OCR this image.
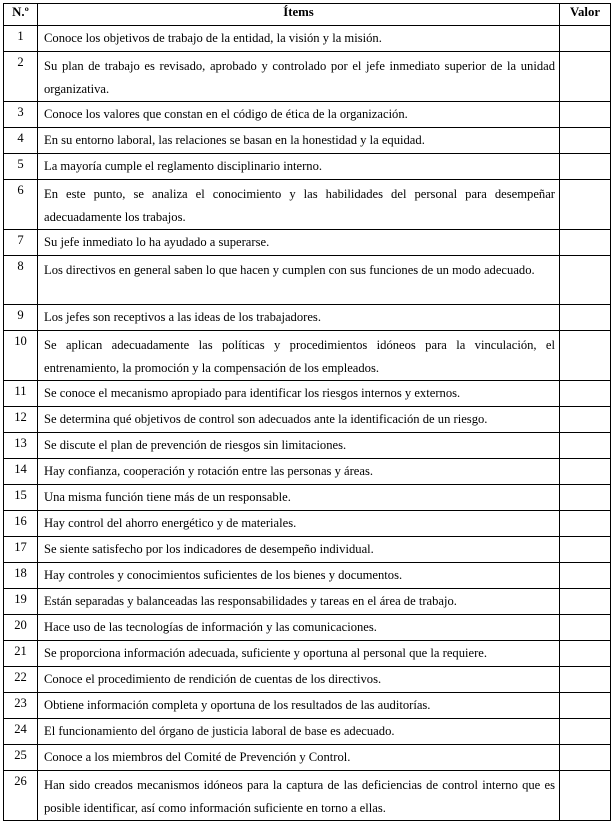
N.º	Ítems	Valor
1	Conoce los objetivos de trabajo de la entidad, la visión y la misión.	

2	Su plan de trabajo es revisado, aprobado y controlado por el jefe inmediato superior de la unidad organizativa.	

3	Conoce los valores que constan en el código de ética de la organización.	

4	En su entorno laboral, las relaciones se basan en la honestidad y la equidad.	

5	La mayoría cumple el reglamento disciplinario interno.	

6	En este punto, se analiza el conocimiento y las habilidades del personal para desempeñar adecuadamente los trabajos.	

7	Su jefe inmediato lo ha ayudado a superarse.	

8	Los directivos en general saben lo que hacen y cumplen con sus funciones de un modo adecuado.	

9	Los jefes son receptivos a las ideas de los trabajadores.	

10	Se aplican adecuadamente las políticas y procedimientos idóneos para la vinculación, el entrenamiento, la promoción y la compensación de los empleados.	

11	Se conoce el mecanismo apropiado para identificar los riesgos internos y externos.	

12	Se determina qué objetivos de control son adecuados ante la identificación de un riesgo.	

13	Se discute el plan de prevención de riesgos sin limitaciones.	

14	Hay confianza, cooperación y rotación entre las personas y áreas.	

15	Una misma función tiene más de un responsable.	

16	Hay control del ahorro energético y de materiales.	

17	Se siente satisfecho por los indicadores de desempeño individual.	

18	Hay controles y conocimientos suficientes de los bienes y documentos.	

19	Están separadas y balanceadas las responsabilidades y tareas en el área de trabajo.	

20	Hace uso de las tecnologías de información y las comunicaciones.	

21	Se proporciona información adecuada, suficiente y oportuna al personal que la requiere.	

22	Conoce el procedimiento de rendición de cuentas de los directivos.	

23	Obtiene información completa y oportuna de los resultados de las auditorías.	

24	El funcionamiento del órgano de justicia laboral de base es adecuado.	

25	Conoce a los miembros del Comité de Prevención y Control.	

26	Han sido creados mecanismos idóneos para la captura de las deficiencias de control interno que es posible identificar, así como información suficiente en torno a ellas.	
